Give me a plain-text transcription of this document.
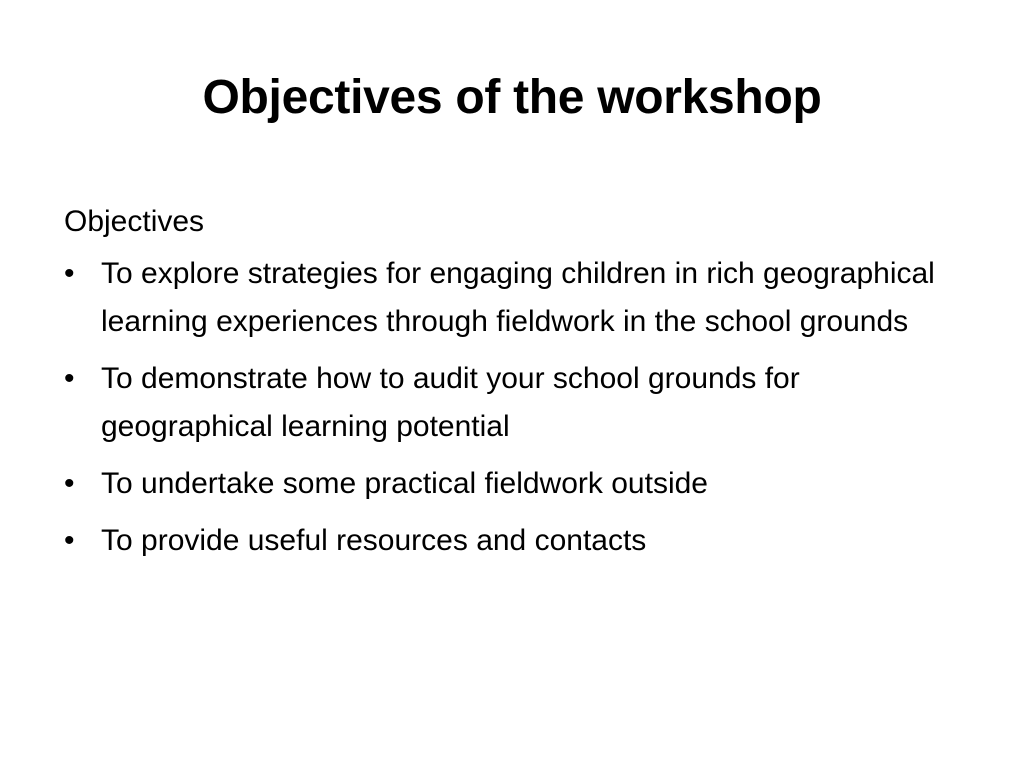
Objectives of the workshop
Objectives
• To explore strategies for engaging children in rich geographical learning experiences through fieldwork in the school grounds
• To demonstrate how to audit your school grounds for geographical learning potential
• To undertake some practical fieldwork outside
• To provide useful resources and contacts
